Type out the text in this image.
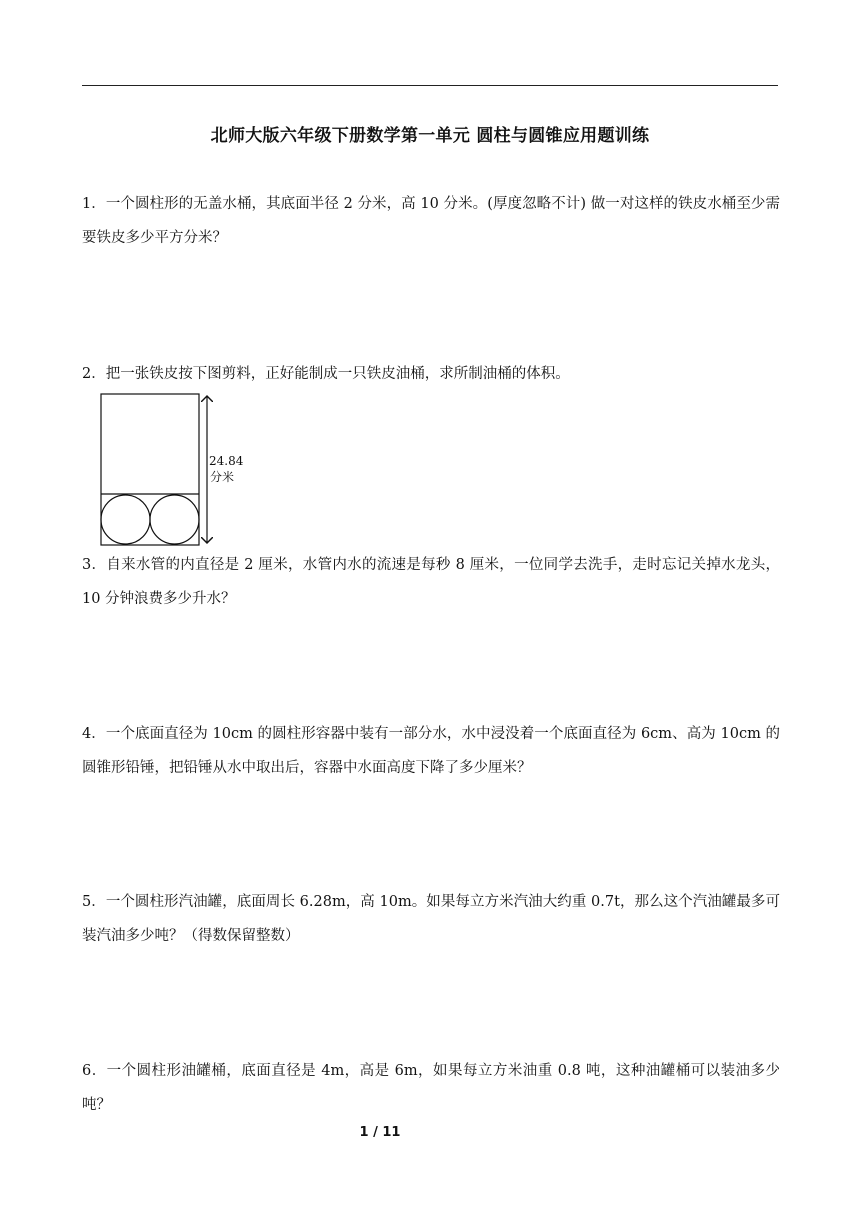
北师大版六年级下册数学第一单元 圆柱与圆锥应用题训练

1．一个圆柱形的无盖水桶，其底面半径 2 分米，高 10 分米。(厚度忽略不计) 做一对这样的铁皮水桶至少需要铁皮多少平方分米？

2．把一张铁皮按下图剪料，正好能制成一只铁皮油桶，求所制油桶的体积。

24.84
分米

3．自来水管的内直径是 2 厘米，水管内水的流速是每秒 8 厘米，一位同学去洗手，走时忘记关掉水龙头，10 分钟浪费多少升水？

4．一个底面直径为 10cm 的圆柱形容器中装有一部分水，水中浸没着一个底面直径为 6cm、高为 10cm 的圆锥形铅锤，把铅锤从水中取出后，容器中水面高度下降了多少厘米？

5．一个圆柱形汽油罐，底面周长 6.28m，高 10m。如果每立方米汽油大约重 0.7t，那么这个汽油罐最多可装汽油多少吨？（得数保留整数）

6．一个圆柱形油罐桶，底面直径是 4m，高是 6m，如果每立方米油重 0.8 吨，这种油罐桶可以装油多少吨？

1 / 11
